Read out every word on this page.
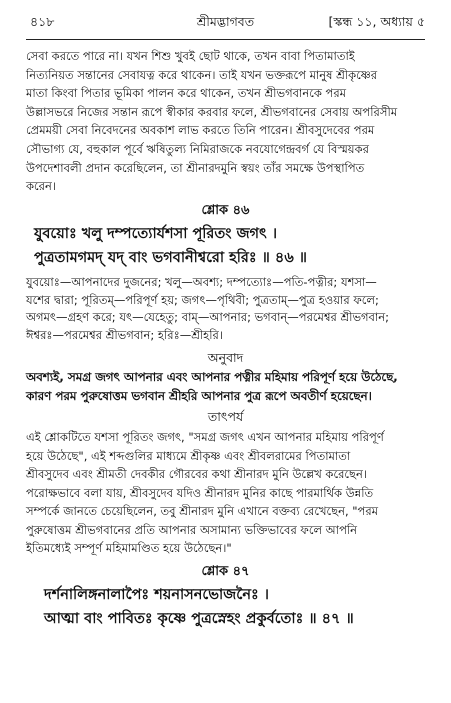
৪১৮	শ্রীমদ্ভাগবত	[স্কন্ধ ১১, অধ্যায় ৫
সেবা করতে পারে না। যখন শিশু খুবই ছোট থাকে, তখন বাবা পিতামাতাই
নিত্যনিয়ত সন্তানের সেবাযত্ন করে থাকেন। তাই যখন ভক্তরূপে মানুষ শ্রীকৃষ্ণের
মাতা কিংবা পিতার ভূমিকা পালন করে থাকেন, তখন শ্রীভগবানকে পরম
উল্লাসভরে নিজের সন্তান রূপে স্বীকার করবার ফলে, শ্রীভগবানের সেবায় অপরিসীম
প্রেমময়ী সেবা নিবেদনের অবকাশ লাভ করতে তিনি পারেন। শ্রীবসুদেবের পরম
সৌভাগ্য যে, বহুকাল পূর্বে ঋষিতুল্য নিমিরাজকে নবযোগেন্দ্রবর্গ যে বিস্ময়কর
উপদেশাবলী প্রদান করেছিলেন, তা শ্রীনারদমুনি স্বয়ং তাঁর সমক্ষে উপস্থাপিত
করেন।
শ্লোক ৪৬
যুবয়োঃ খলু দম্পত্যোর্যশসা পূরিতং জগৎ ।
পুত্রতামগমদ্ যদ্ বাং ভগবানীশ্বরো হরিঃ ॥ ৪৬ ॥
যুবয়োঃ—আপনাদের দুজনের; খলু—অবশ্য; দম্পত্যোঃ—পতি-পত্নীর; যশসা—
যশের দ্বারা; পূরিতম্—পরিপূর্ণ হয়; জগৎ—পৃথিবী; পুত্রতাম্—পুত্র হওয়ার ফলে;
অগমৎ—গ্রহণ করে; যৎ—যেহেতু; বাম্—আপনার; ভগবান্—পরমেশ্বর শ্রীভগবান;
ঈশ্বরঃ—পরমেশ্বর শ্রীভগবান; হরিঃ—শ্রীহরি।
অনুবাদ
অবশ্যই, সমগ্র জগৎ আপনার এবং আপনার পত্নীর মহিমায় পরিপূর্ণ হয়ে উঠেছে,
কারণ পরম পুরুষোত্তম ভগবান শ্রীহরি আপনার পুত্র রূপে অবতীর্ণ হয়েছেন।
তাৎপর্য
এই শ্লোকটিতে যশসা পূরিতং জগৎ, "সমগ্র জগৎ এখন আপনার মহিমায় পরিপূর্ণ
হয়ে উঠেছে", এই শব্দগুলির মাধ্যমে শ্রীকৃষ্ণ এবং শ্রীবলরামের পিতামাতা
শ্রীবসুদেব এবং শ্রীমতী দেবকীর গৌরবের কথা শ্রীনারদ মুনি উল্লেখ করেছেন।
পরোক্ষভাবে বলা যায়, শ্রীবসুদেব যদিও শ্রীনারদ মুনির কাছে পারমার্থিক উন্নতি
সম্পর্কে জানতে চেয়েছিলেন, তবু শ্রীনারদ মুনি এখানে বক্তব্য রেখেছেন, "পরম
পুরুষোত্তম শ্রীভগবানের প্রতি আপনার অসামান্য ভক্তিভাবের ফলে আপনি
ইতিমধ্যেই সম্পূর্ণ মহিমামণ্ডিত হয়ে উঠেছেন।"
শ্লোক ৪৭
দর্শনালিঙ্গনালাপৈঃ শয়নাসনভোজনৈঃ ।
আত্মা বাং পাবিতঃ কৃষ্ণে পুত্রস্নেহং প্রকুর্বতোঃ ॥ ৪৭ ॥
